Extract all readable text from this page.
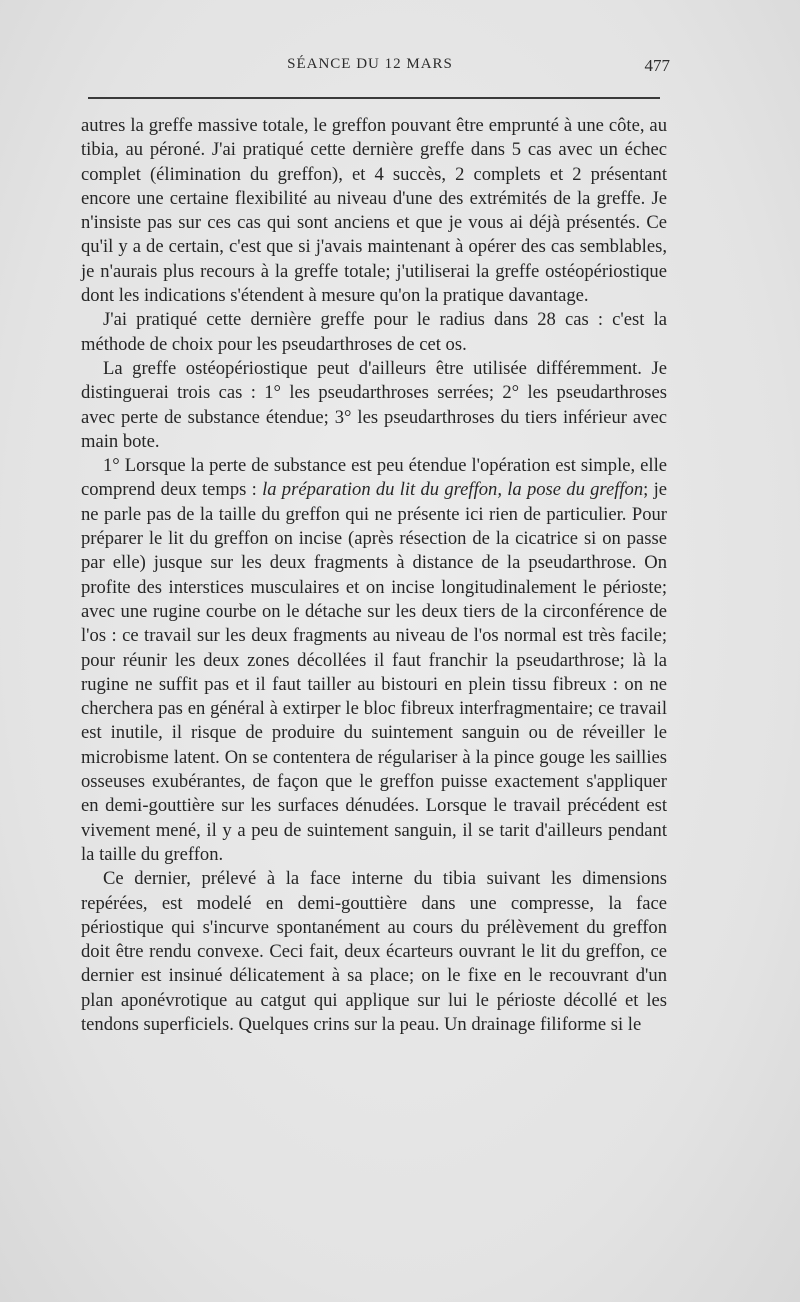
SÉANCE DU 12 MARS	477

autres la greffe massive totale, le greffon pouvant être emprunté à une côte, au tibia, au péroné. J'ai pratiqué cette dernière greffe dans 5 cas avec un échec complet (élimination du greffon), et 4 succès, 2 complets et 2 présentant encore une certaine flexibilité au niveau d'une des extrémités de la greffe. Je n'insiste pas sur ces cas qui sont anciens et que je vous ai déjà présentés. Ce qu'il y a de certain, c'est que si j'avais maintenant à opérer des cas semblables, je n'aurais plus recours à la greffe totale; j'utiliserai la greffe ostéopériostique dont les indications s'étendent à mesure qu'on la pratique davantage.

J'ai pratiqué cette dernière greffe pour le radius dans 28 cas : c'est la méthode de choix pour les pseudarthroses de cet os.

La greffe ostéopériostique peut d'ailleurs être utilisée différemment. Je distinguerai trois cas : 1° les pseudarthroses serrées; 2° les pseudarthroses avec perte de substance étendue; 3° les pseudarthroses du tiers inférieur avec main bote.

1° Lorsque la perte de substance est peu étendue l'opération est simple, elle comprend deux temps : la préparation du lit du greffon, la pose du greffon; je ne parle pas de la taille du greffon qui ne présente ici rien de particulier. Pour préparer le lit du greffon on incise (après résection de la cicatrice si on passe par elle) jusque sur les deux fragments à distance de la pseudarthrose. On profite des interstices musculaires et on incise longitudinalement le périoste; avec une rugine courbe on le détache sur les deux tiers de la circonférence de l'os : ce travail sur les deux fragments au niveau de l'os normal est très facile; pour réunir les deux zones décollées il faut franchir la pseudarthrose; là la rugine ne suffit pas et il faut tailler au bistouri en plein tissu fibreux : on ne cherchera pas en général à extirper le bloc fibreux interfragmentaire; ce travail est inutile, il risque de produire du suintement sanguin ou de réveiller le microbisme latent. On se contentera de régulariser à la pince gouge les saillies osseuses exubérantes, de façon que le greffon puisse exactement s'appliquer en demi-gouttière sur les surfaces dénudées. Lorsque le travail précédent est vivement mené, il y a peu de suintement sanguin, il se tarit d'ailleurs pendant la taille du greffon.

Ce dernier, prélevé à la face interne du tibia suivant les dimensions repérées, est modelé en demi-gouttière dans une compresse, la face périostique qui s'incurve spontanément au cours du prélèvement du greffon doit être rendu convexe. Ceci fait, deux écarteurs ouvrant le lit du greffon, ce dernier est insinué délicatement à sa place; on le fixe en le recouvrant d'un plan aponévrotique au catgut qui applique sur lui le périoste décollé et les tendons superficiels. Quelques crins sur la peau. Un drainage filiforme si le
